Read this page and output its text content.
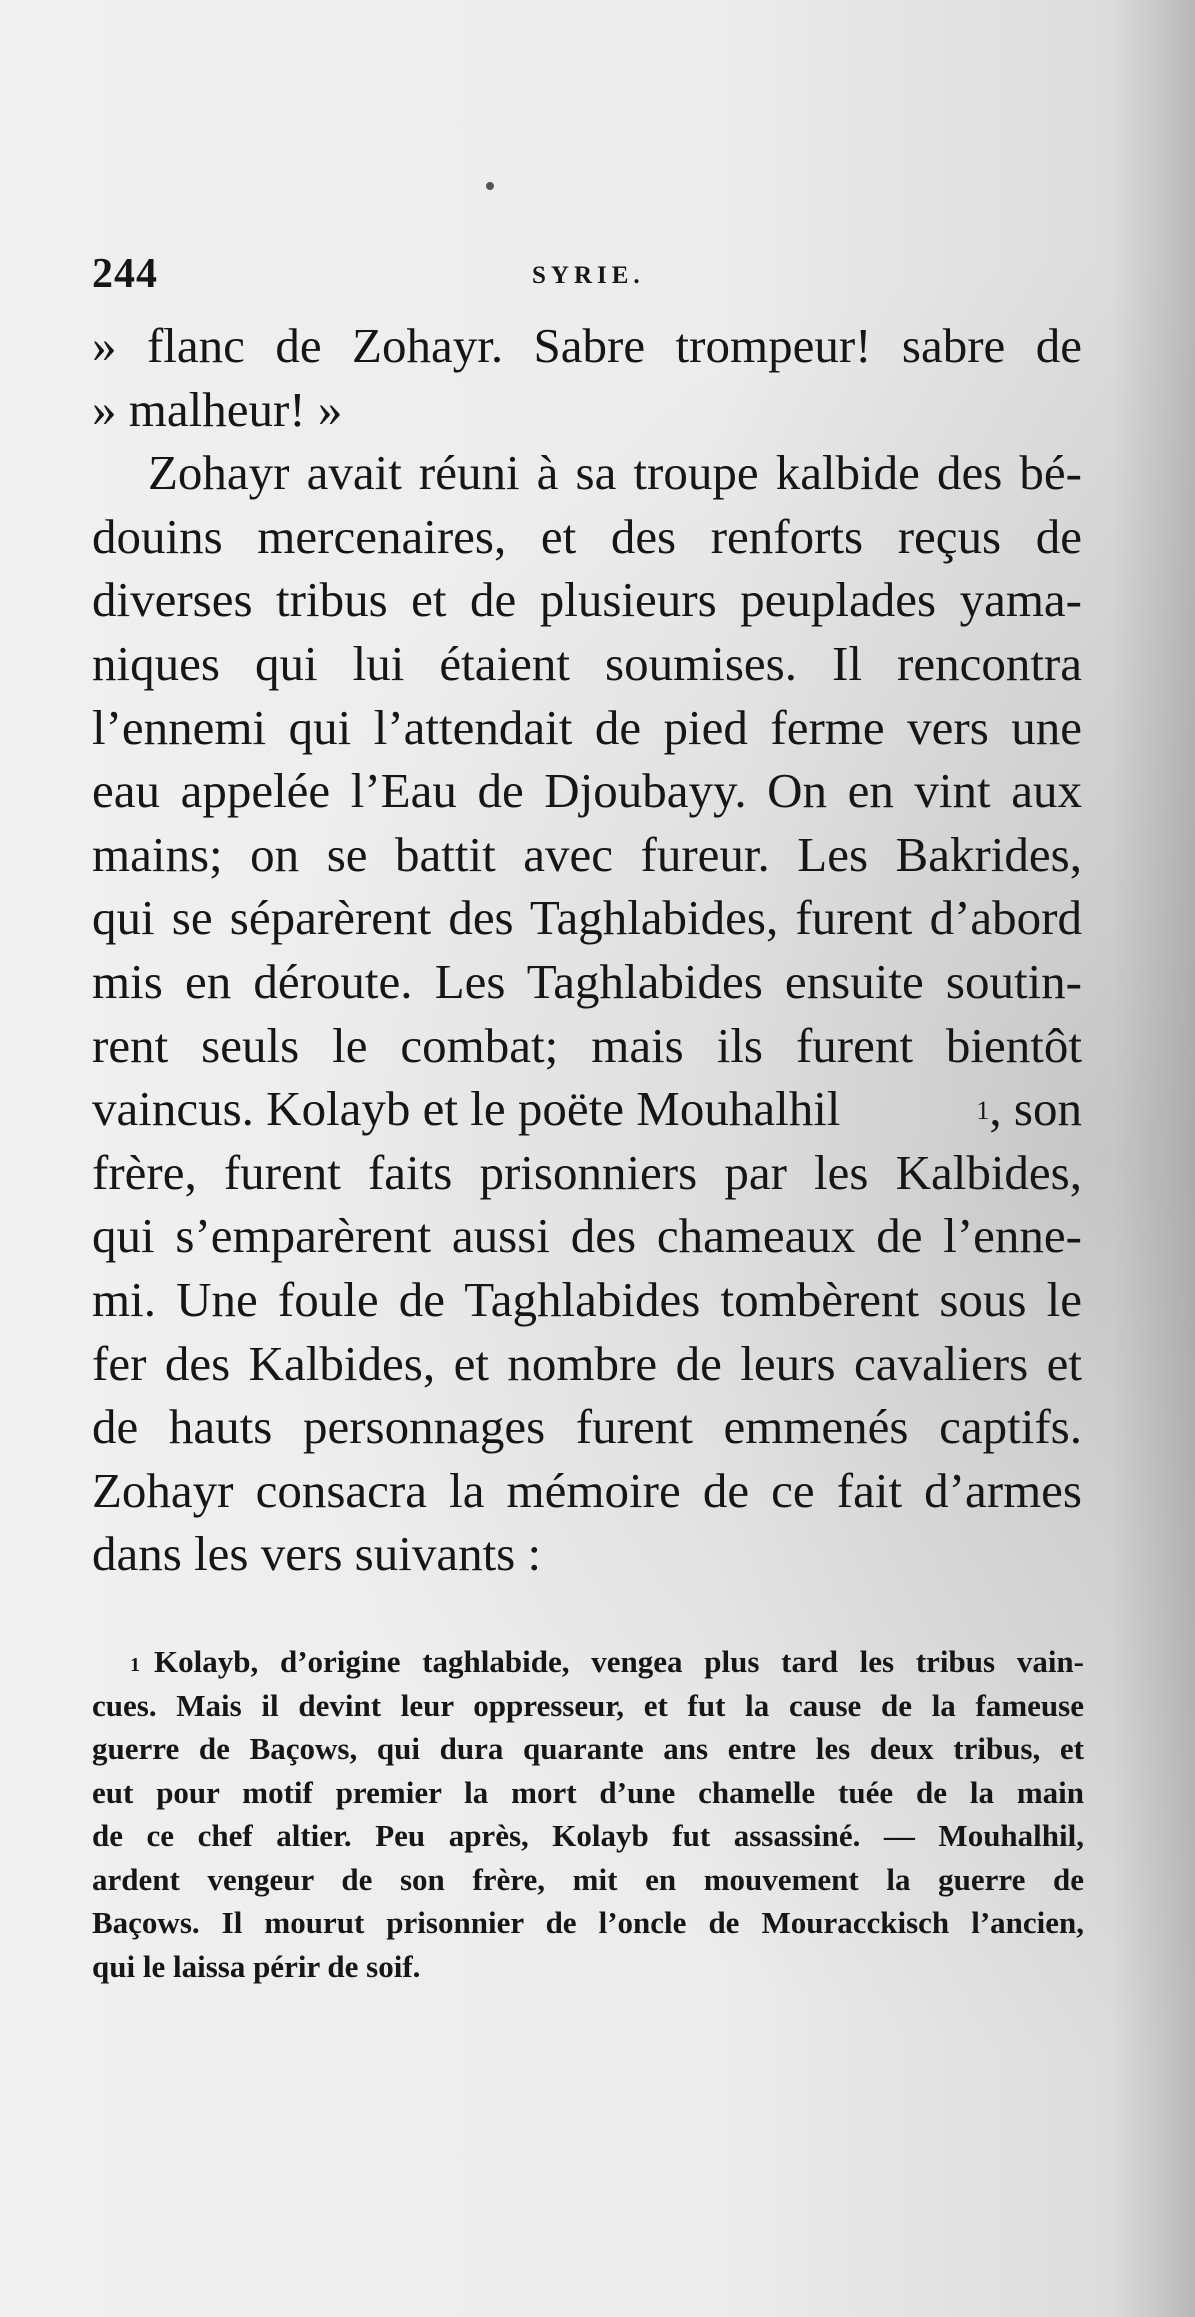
244	SYRIE.
» flanc de Zohayr. Sabre trompeur! sabre de
» malheur! »
Zohayr avait réuni à sa troupe kalbide des bé-
douins mercenaires, et des renforts reçus de
diverses tribus et de plusieurs peuplades yama-
niques qui lui étaient soumises. Il rencontra
l’ennemi qui l’attendait de pied ferme vers une
eau appelée l’Eau de Djoubayy. On en vint aux
mains; on se battit avec fureur. Les Bakrides,
qui se séparèrent des Taghlabides, furent d’abord
mis en déroute. Les Taghlabides ensuite soutin-
rent seuls le combat; mais ils furent bientôt
vaincus. Kolayb et le poëte Mouhalhil	$^1$, son
frère, furent faits prisonniers par les Kalbides,
qui s’emparèrent aussi des chameaux de l’enne-
mi. Une foule de Taghlabides tombèrent sous le
fer des Kalbides, et nombre de leurs cavaliers et
de hauts personnages furent emmenés captifs.
Zohayr consacra la mémoire de ce fait d’armes
dans les vers suivants :
$^1$ Kolayb, d’origine taghlabide, vengea plus tard les tribus vain-
cues. Mais il devint leur oppresseur, et fut la cause de la fameuse
guerre de Baçows, qui dura quarante ans entre les deux tribus, et
eut pour motif premier la mort d’une chamelle tuée de la main
de ce chef altier. Peu après, Kolayb fut assassiné. — Mouhalhil,
ardent vengeur de son frère, mit en mouvement la guerre de
Baçows. Il mourut prisonnier de l’oncle de Mouracckisch l’ancien,
qui le laissa périr de soif.
